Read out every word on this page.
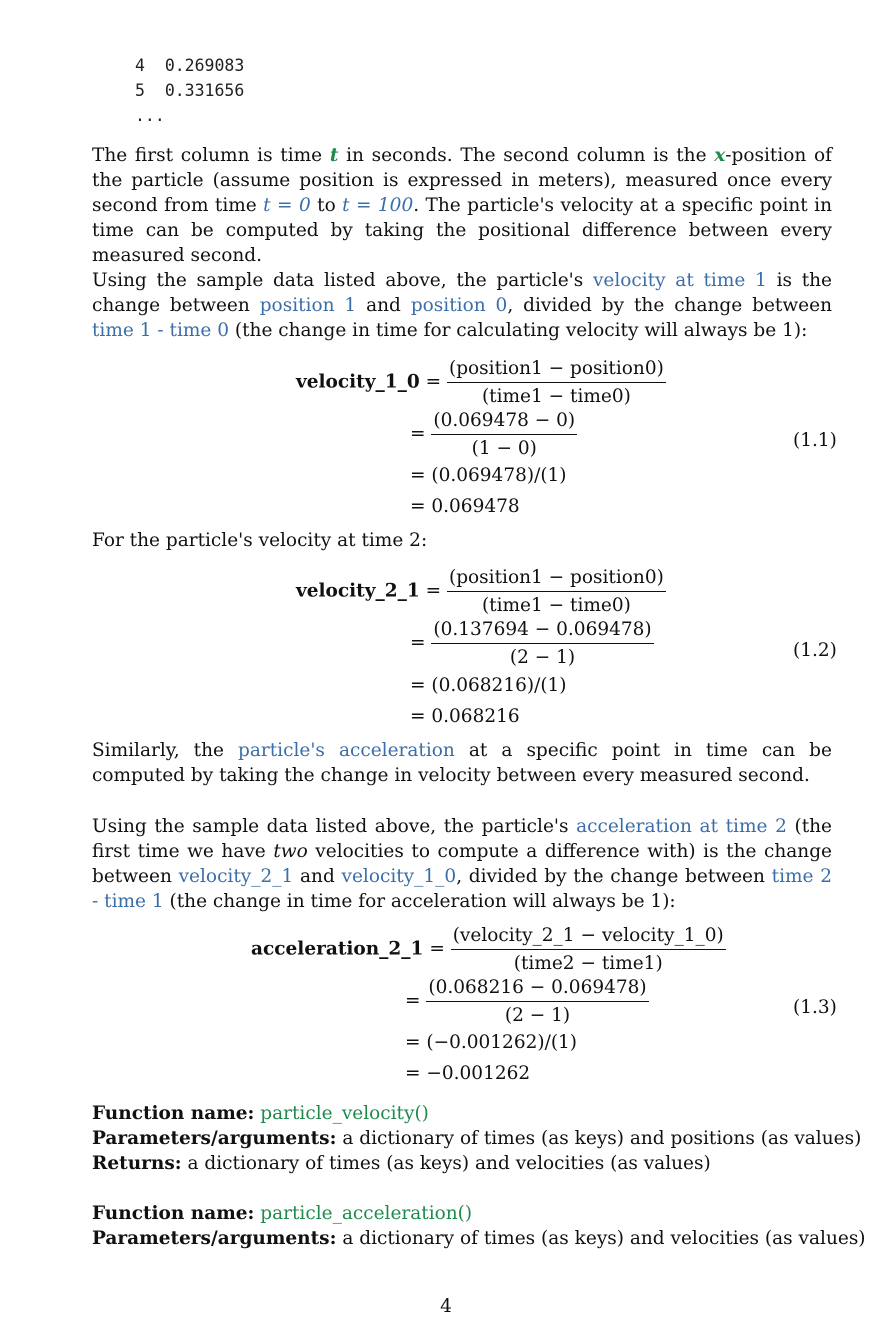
4 0.269083
5 0.331656
...

The first column is time t in seconds. The second column is the x-position of the particle (assume position is expressed in meters), measured once every second from time t = 0 to t = 100. The particle's velocity at a specific point in time can be computed by taking the positional difference between every measured second.

Using the sample data listed above, the particle's velocity at time 1 is the change between position 1 and position 0, divided by the change between time 1 - time 0 (the change in time for calculating velocity will always be 1):

velocity_1_0 = $\frac{\text{(position1 − position0)}}{\text{(time1 − time0)}}$
= $\frac{(0.069478 - 0)}{(1 - 0)}$
= (0.069478)/(1)
= 0.069478
(1.1)

For the particle's velocity at time 2:

velocity_2_1 = $\frac{\text{(position1 − position0)}}{\text{(time1 − time0)}}$
= $\frac{(0.137694 - 0.069478)}{(2 - 1)}$
= (0.068216)/(1)
= 0.068216
(1.2)

Similarly, the particle's acceleration at a specific point in time can be computed by taking the change in velocity between every measured second.

Using the sample data listed above, the particle's acceleration at time 2 (the first time we have two velocities to compute a difference with) is the change between velocity_2_1 and velocity_1_0, divided by the change between time 2 - time 1 (the change in time for acceleration will always be 1):

acceleration_2_1 = $\frac{\text{(velocity\_2\_1 − velocity\_1\_0)}}{\text{(time2 − time1)}}$
= $\frac{(0.068216 - 0.069478)}{(2 - 1)}$
= (−0.001262)/(1)
= −0.001262
(1.3)
Function name: particle_velocity()
Parameters/arguments: a dictionary of times (as keys) and positions (as values)
Returns: a dictionary of times (as keys) and velocities (as values)
Function name: particle_acceleration()
Parameters/arguments: a dictionary of times (as keys) and velocities (as values)
4
